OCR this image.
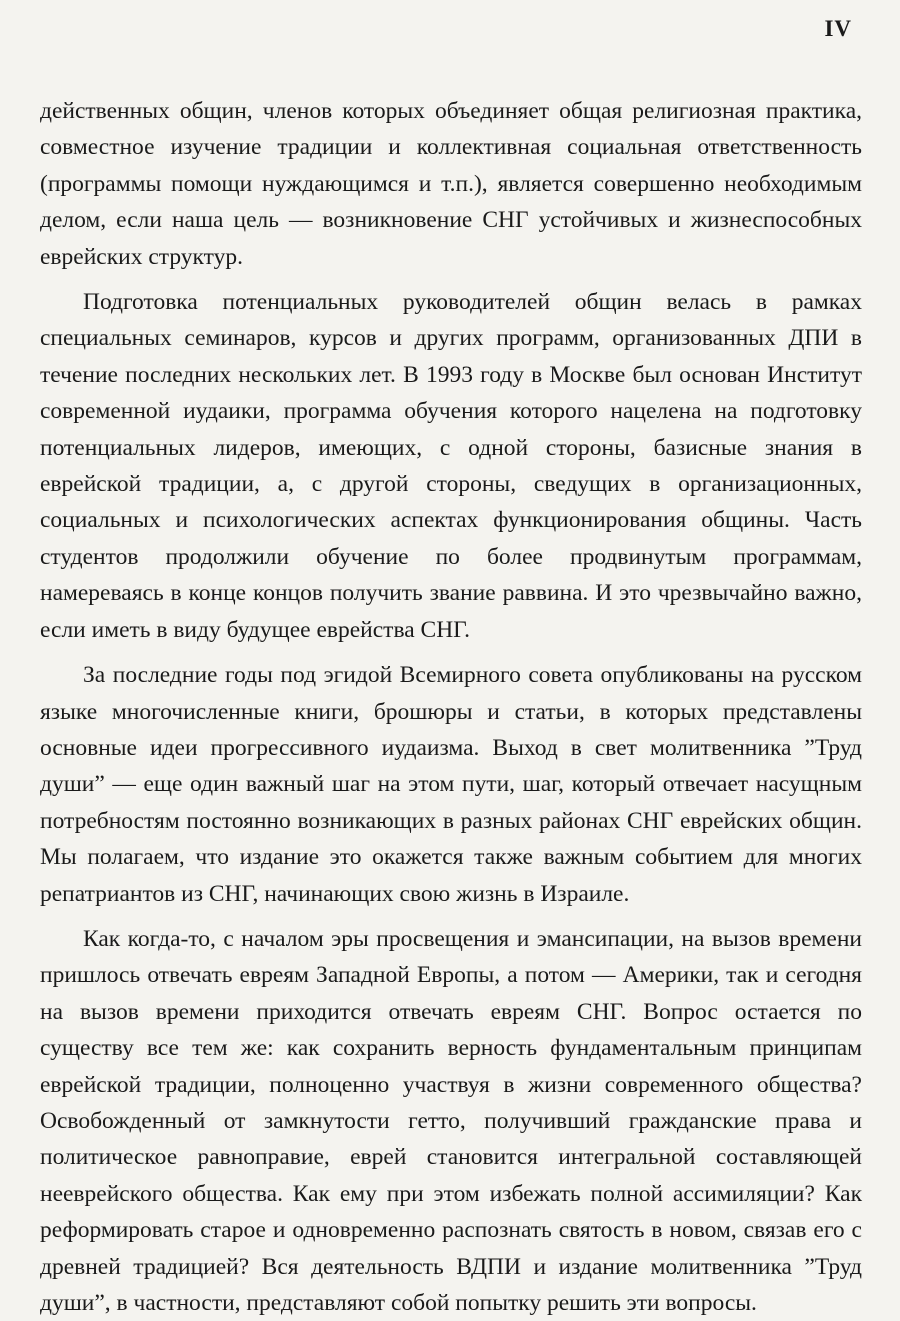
IV

действенных общин, членов которых объединяет общая религиозная практика, совместное изучение традиции и коллективная социальная ответственность (программы помощи нуждающимся и т.п.), является совершенно необходимым делом, если наша цель — возникновение СНГ устойчивых и жизнеспособных еврейских структур.

Подготовка потенциальных руководителей общин велась в рамках специальных семинаров, курсов и других программ, организованных ДПИ в течение последних нескольких лет. В 1993 году в Москве был основан Институт современной иудаики, программа обучения которого нацелена на подготовку потенциальных лидеров, имеющих, с одной стороны, базисные знания в еврейской традиции, а, с другой стороны, сведущих в организационных, социальных и психологических аспектах функционирования общины. Часть студентов продолжили обучение по более продвинутым программам, намереваясь в конце концов получить звание раввина. И это чрезвычайно важно, если иметь в виду будущее еврейства СНГ.

За последние годы под эгидой Всемирного совета опубликованы на русском языке многочисленные книги, брошюры и статьи, в которых представлены основные идеи прогрессивного иудаизма. Выход в свет молитвенника ”Труд души” — еще один важный шаг на этом пути, шаг, который отвечает насущным потребностям постоянно возникающих в разных районах СНГ еврейских общин. Мы полагаем, что издание это окажется также важным событием для многих репатриантов из СНГ, начинающих свою жизнь в Израиле.

Как когда-то, с началом эры просвещения и эмансипации, на вызов времени пришлось отвечать евреям Западной Европы, а потом — Америки, так и сегодня на вызов времени приходится отвечать евреям СНГ. Вопрос остается по существу все тем же: как сохранить верность фундаментальным принципам еврейской традиции, полноценно участвуя в жизни современного общества? Освобожденный от замкнутости гетто, получивший гражданские права и политическое равноправие, еврей становится интегральной составляющей нееврейского общества. Как ему при этом избежать полной ассимиляции? Как реформировать старое и одновременно распознать святость в новом, связав его с древней традицией? Вся деятельность ВДПИ и издание молитвенника ”Труд души”, в частности, представляют собой попытку решить эти вопросы.
